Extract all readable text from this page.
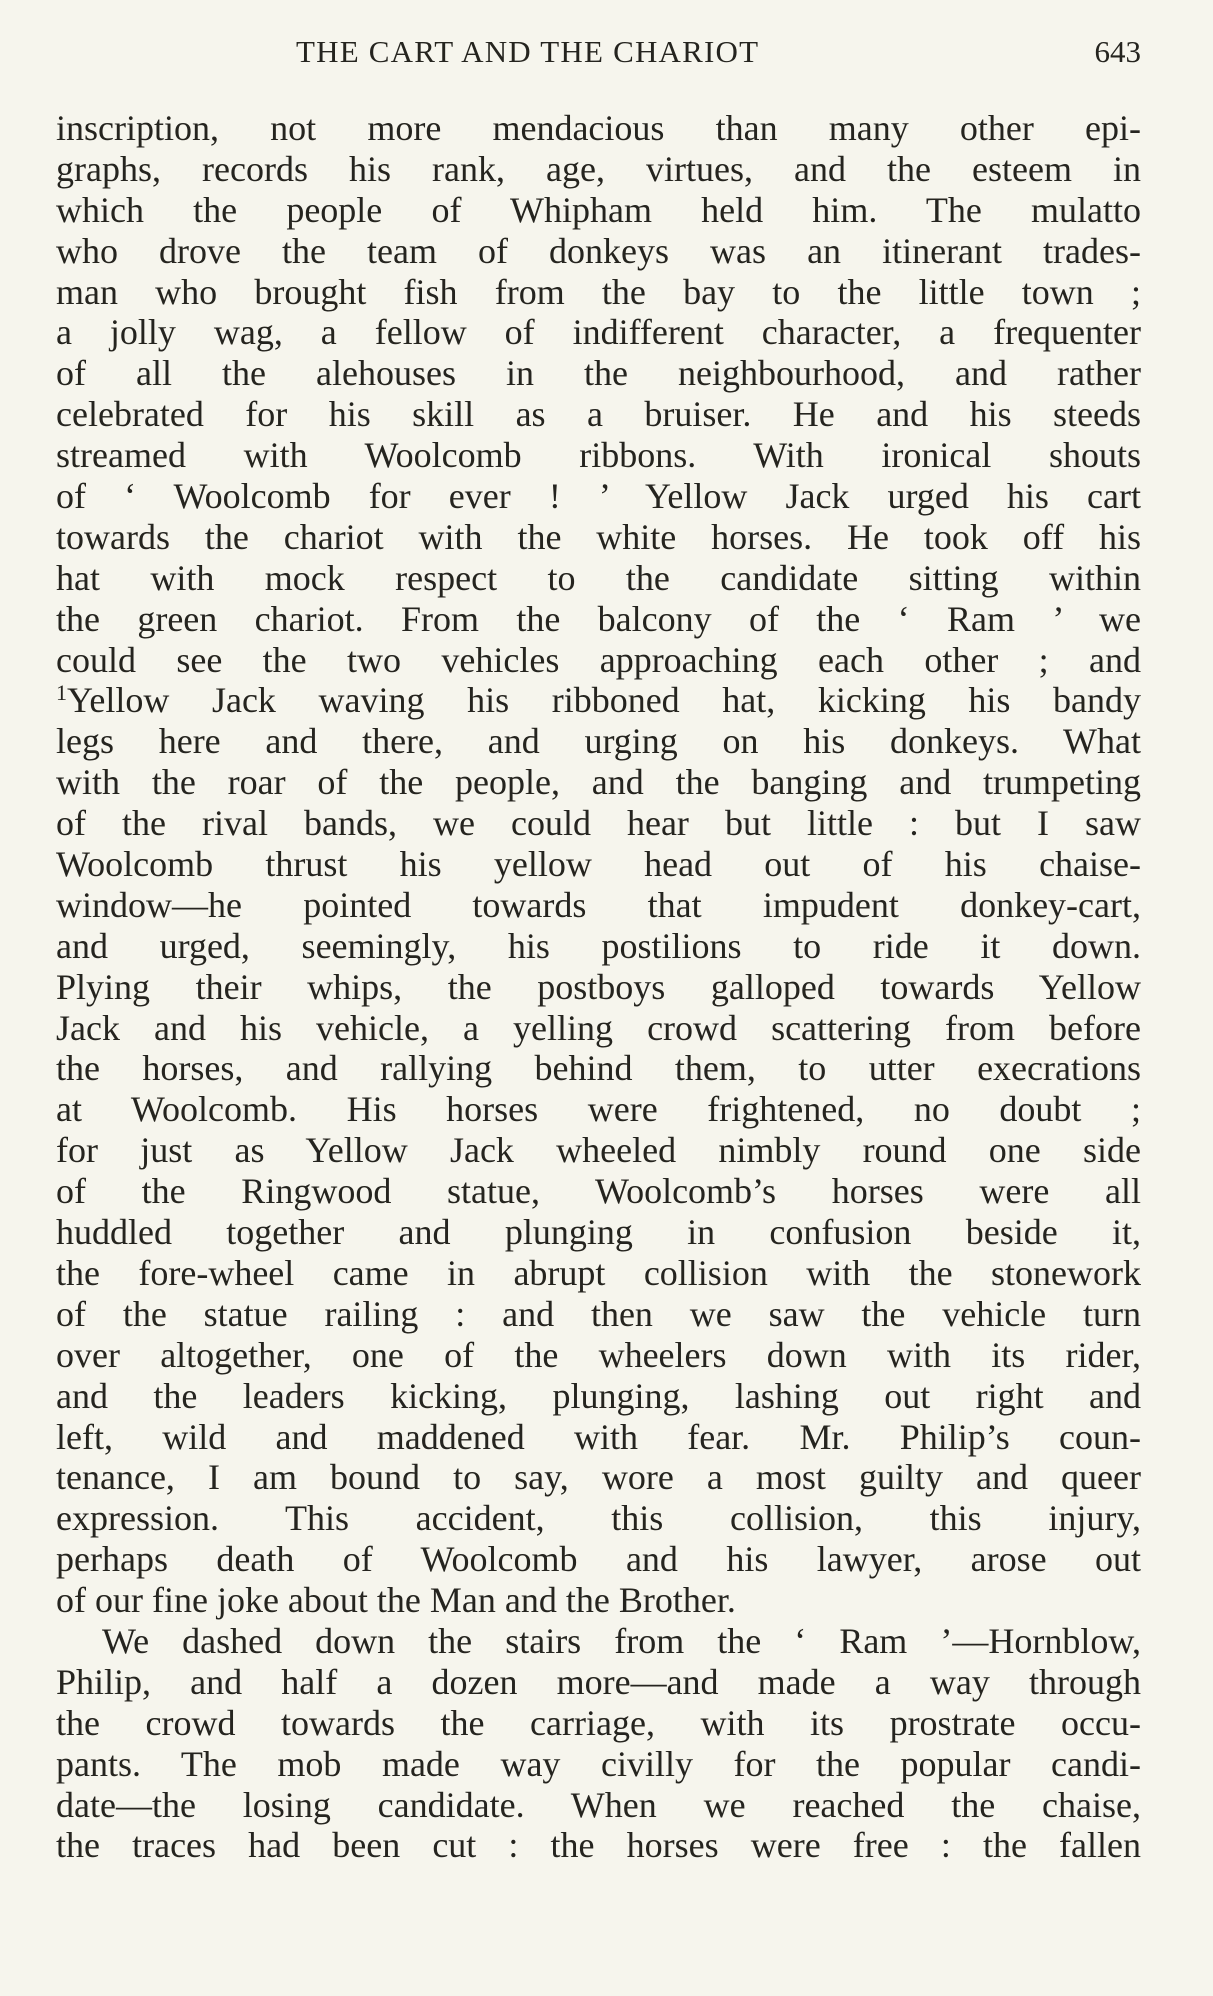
THE CART AND THE CHARIOT	643
inscription, not more mendacious than many other epi-
graphs, records his rank, age, virtues, and the esteem in
which the people of Whipham held him. The mulatto
who drove the team of donkeys was an itinerant trades-
man who brought fish from the bay to the little town ;
a jolly wag, a fellow of indifferent character, a frequenter
of all the alehouses in the neighbourhood, and rather
celebrated for his skill as a bruiser. He and his steeds
streamed with Woolcomb ribbons. With ironical shouts
of ‘ Woolcomb for ever ! ’ Yellow Jack urged his cart
towards the chariot with the white horses. He took off his
hat with mock respect to the candidate sitting within
the green chariot. From the balcony of the ‘ Ram ’ we
could see the two vehicles approaching each other ; and
$^1$Yellow Jack waving his ribboned hat, kicking his bandy
legs here and there, and urging on his donkeys. What
with the roar of the people, and the banging and trumpeting
of the rival bands, we could hear but little : but I saw
Woolcomb thrust his yellow head out of his chaise-
window—he pointed towards that impudent donkey-cart,
and urged, seemingly, his postilions to ride it down.
Plying their whips, the postboys galloped towards Yellow
Jack and his vehicle, a yelling crowd scattering from before
the horses, and rallying behind them, to utter execrations
at Woolcomb. His horses were frightened, no doubt ;
for just as Yellow Jack wheeled nimbly round one side
of the Ringwood statue, Woolcomb’s horses were all
huddled together and plunging in confusion beside it,
the fore-wheel came in abrupt collision with the stonework
of the statue railing : and then we saw the vehicle turn
over altogether, one of the wheelers down with its rider,
and the leaders kicking, plunging, lashing out right and
left, wild and maddened with fear. Mr. Philip’s coun-
tenance, I am bound to say, wore a most guilty and queer
expression. This accident, this collision, this injury,
perhaps death of Woolcomb and his lawyer, arose out
of our fine joke about the Man and the Brother.
We dashed down the stairs from the ‘ Ram ’—Hornblow,
Philip, and half a dozen more—and made a way through
the crowd towards the carriage, with its prostrate occu-
pants. The mob made way civilly for the popular candi-
date—the losing candidate. When we reached the chaise,
the traces had been cut : the horses were free : the fallen
